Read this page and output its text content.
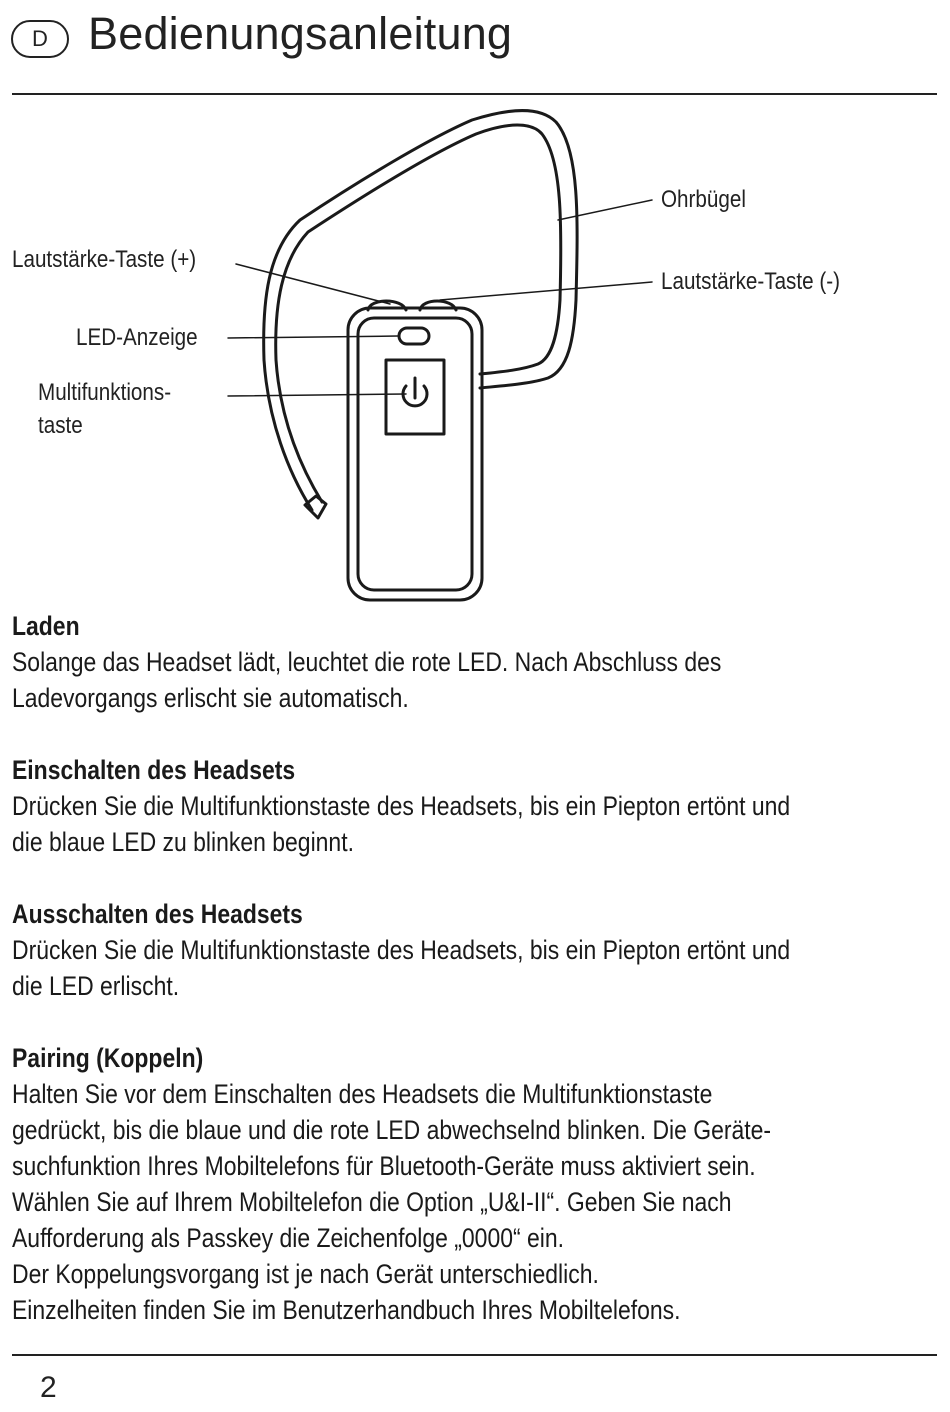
D Bedienungsanleitung
Ohrbügel
Lautstärke-Taste (+)
Lautstärke-Taste (-)
LED-Anzeige
Multifunktions-
taste
Laden
Solange das Headset lädt, leuchtet die rote LED. Nach Abschluss des
Ladevorgangs erlischt sie automatisch.
Einschalten des Headsets
Drücken Sie die Multifunktionstaste des Headsets, bis ein Piepton ertönt und
die blaue LED zu blinken beginnt.
Ausschalten des Headsets
Drücken Sie die Multifunktionstaste des Headsets, bis ein Piepton ertönt und
die LED erlischt.
Pairing (Koppeln)
Halten Sie vor dem Einschalten des Headsets die Multifunktionstaste
gedrückt, bis die blaue und die rote LED abwechselnd blinken. Die Geräte-
suchfunktion Ihres Mobiltelefons für Bluetooth-Geräte muss aktiviert sein.
Wählen Sie auf Ihrem Mobiltelefon die Option „U&I-II“. Geben Sie nach
Aufforderung als Passkey die Zeichenfolge „0000“ ein.
Der Koppelungsvorgang ist je nach Gerät unterschiedlich.
Einzelheiten finden Sie im Benutzerhandbuch Ihres Mobiltelefons.
2
